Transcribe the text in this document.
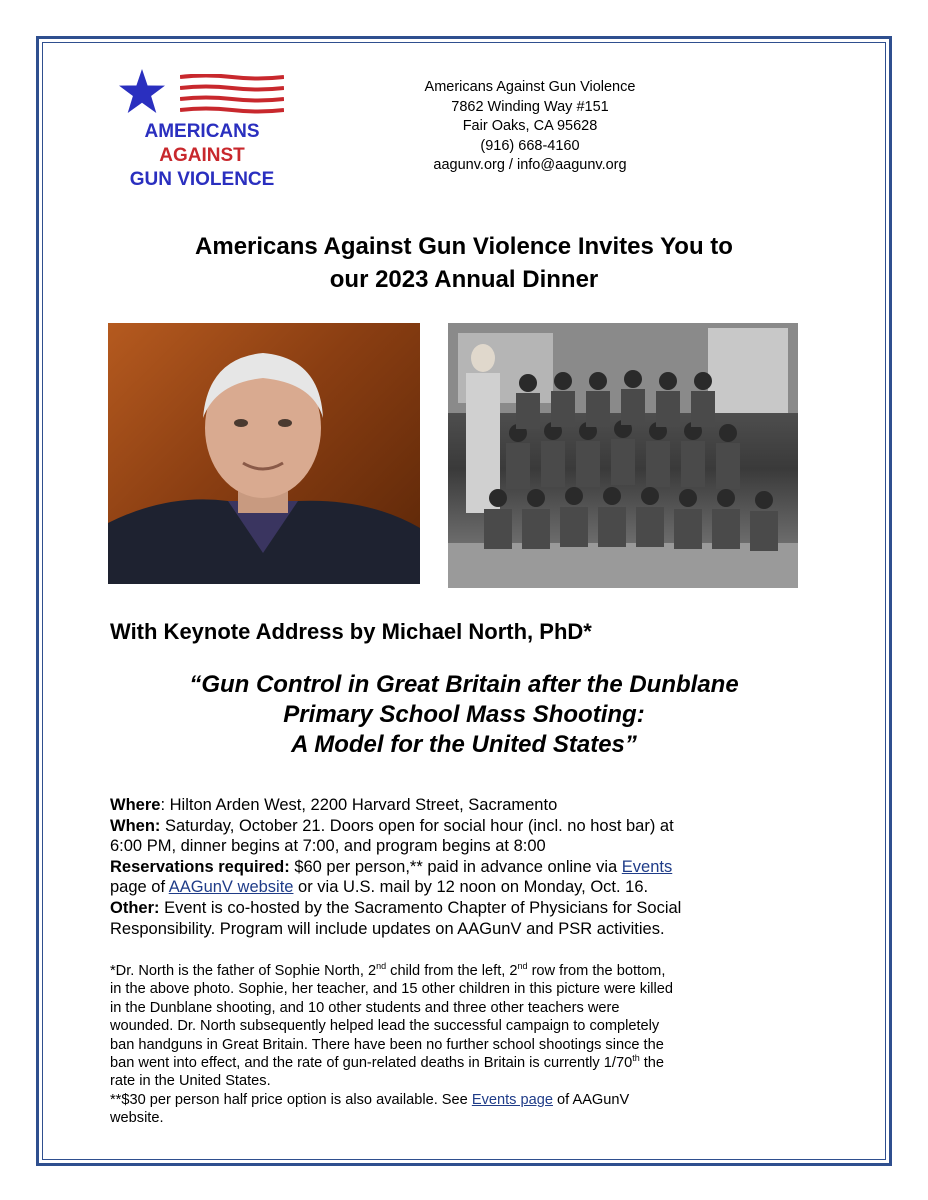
AMERICANS
AGAINST
GUN VIOLENCE
Americans Against Gun Violence
7862 Winding Way #151
Fair Oaks, CA 95628
(916) 668-4160
aagunv.org / info@aagunv.org
Americans Against Gun Violence Invites You to
our 2023 Annual Dinner
With Keynote Address by Michael North, PhD*
“Gun Control in Great Britain after the Dunblane
Primary School Mass Shooting:
A Model for the United States”

Where: Hilton Arden West, 2200 Harvard Street, Sacramento

When: Saturday, October 21. Doors open for social hour (incl. no host bar) at

6:00 PM, dinner begins at 7:00, and program begins at 8:00

Reservations required: $60 per person,** paid in advance online via Events

page of AAGunV website or via U.S. mail by 12 noon on Monday, Oct. 16.

Other: Event is co-hosted by the Sacramento Chapter of Physicians for Social

Responsibility. Program will include updates on AAGunV and PSR activities.

*Dr. North is the father of Sophie North, 2nd child from the left, 2nd row from the bottom,

in the above photo. Sophie, her teacher, and 15 other children in this picture were killed

in the Dunblane shooting, and 10 other students and three other teachers were

wounded. Dr. North subsequently helped lead the successful campaign to completely

ban handguns in Great Britain. There have been no further school shootings since the

ban went into effect, and the rate of gun-related deaths in Britain is currently 1/70th the

rate in the United States.

**$30 per person half price option is also available. See Events page of AAGunV

website.
